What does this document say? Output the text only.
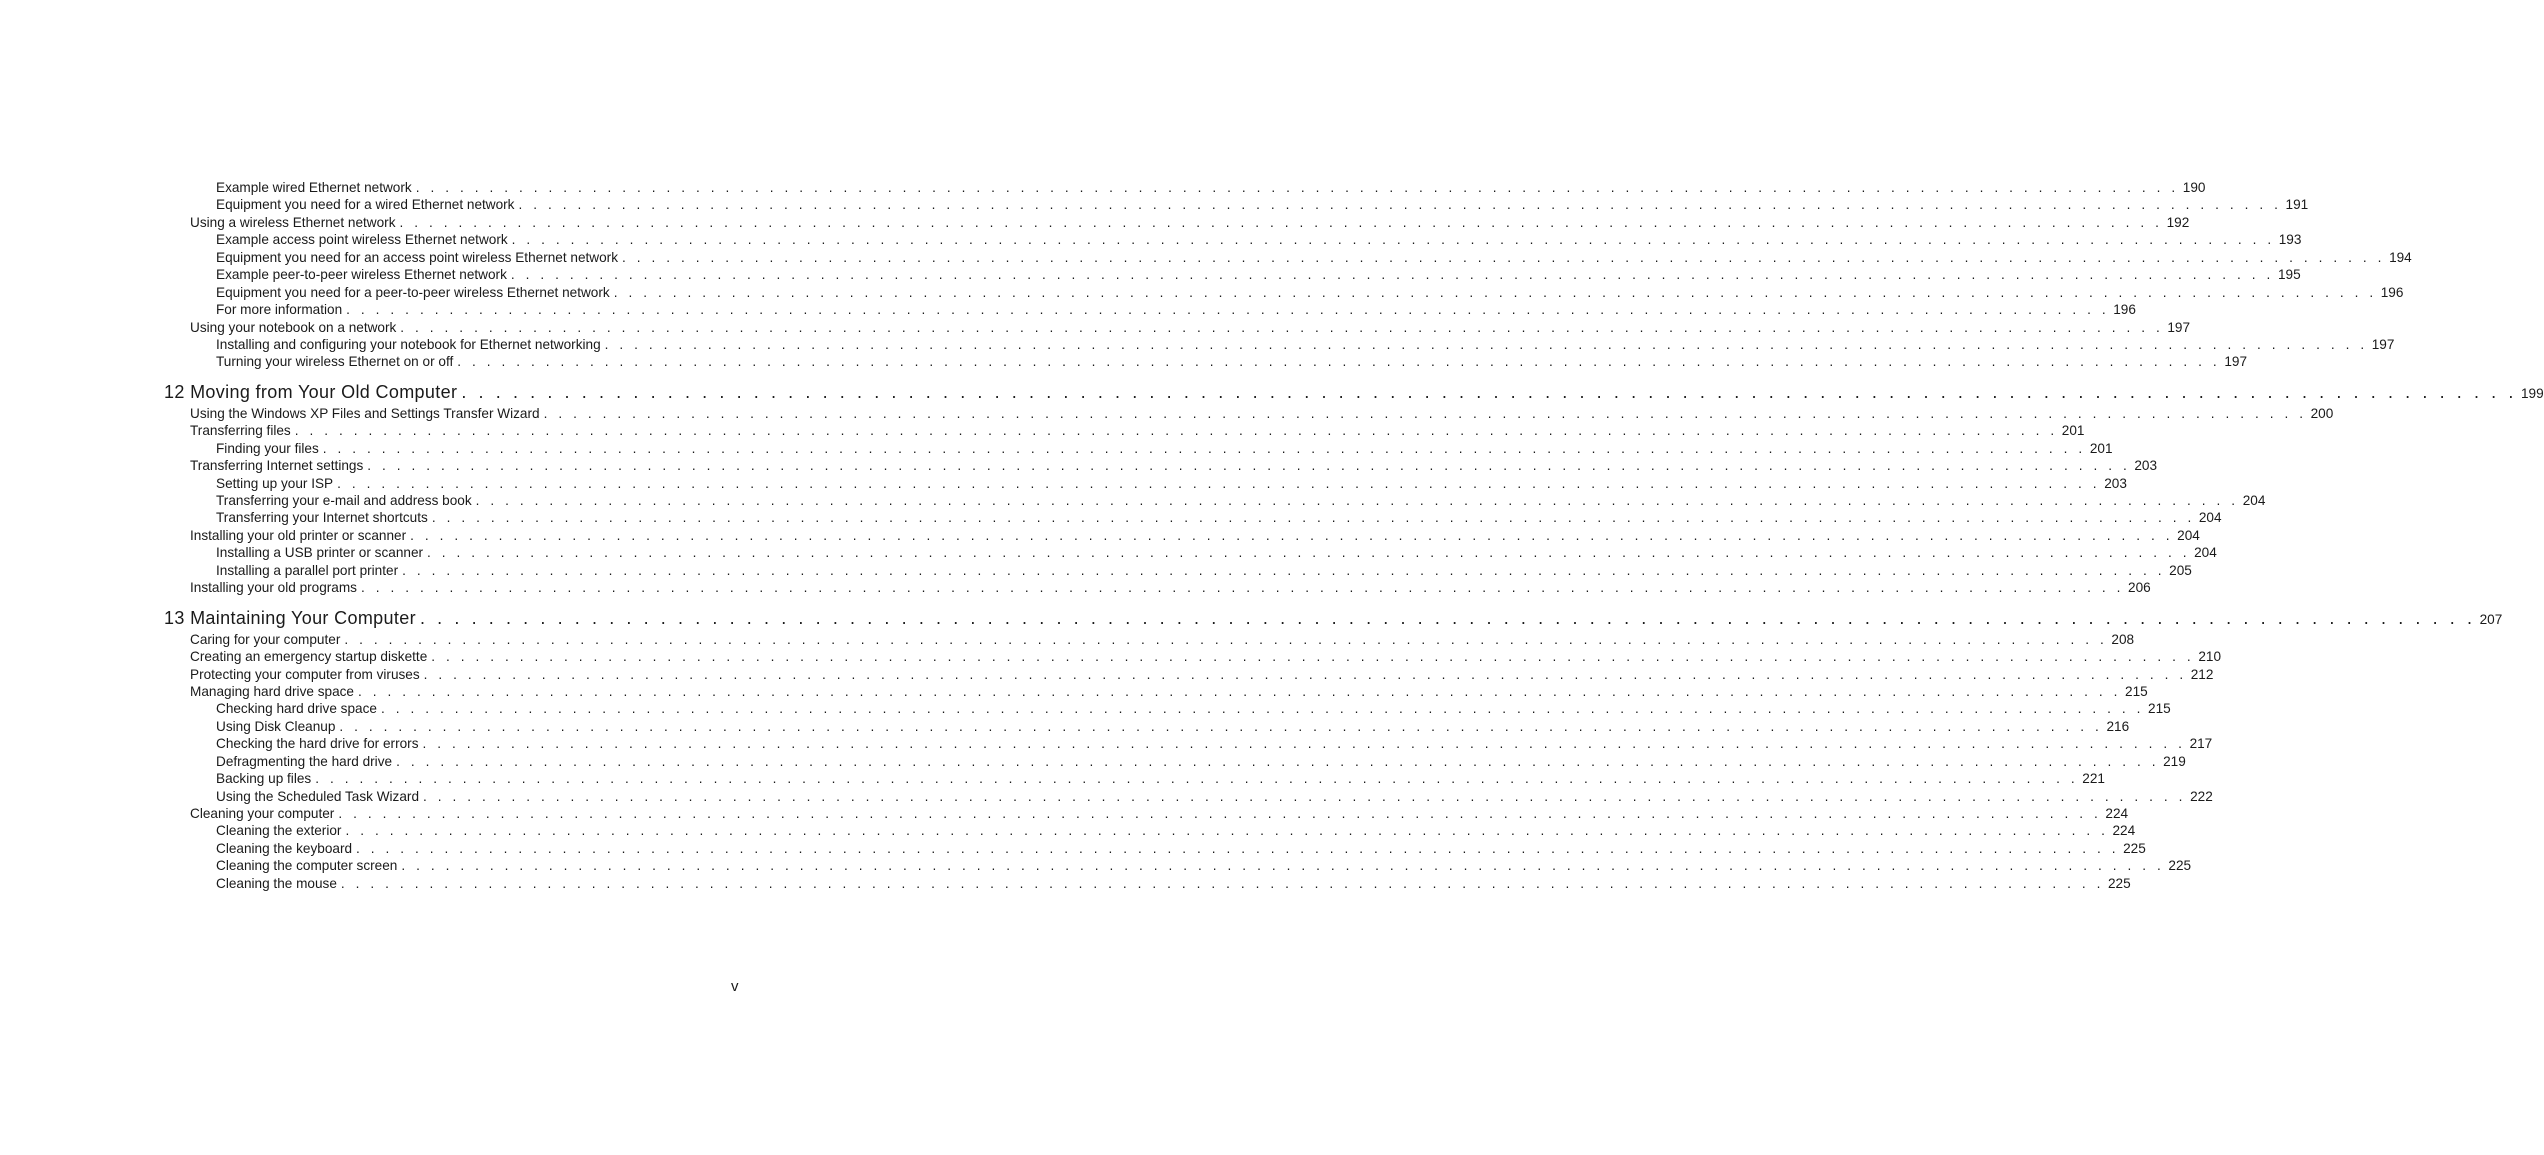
Example wired Ethernet network . . . . . . . . . . . . . . . . . . . . . . . . . . . . . . . . . . . . . . . . . . . . . . . . . . . . . . . . . . . . . . . . . . . . . . . . . . . . . . . . . . . . . . . . . . . . . . . . . . . . . . . . . . . . . . . . . . . . . . . . 190
Equipment you need for a wired Ethernet network . . . . . . . . . . . . . . . . . . . . . . . . . . . . . . . . . . . . . . . . . . . . . . . . . . . . . . . . . . . . . . . . . . . . . . . . . . . . . . . . . . . . . . . . . . . . . . . . . . . . . . . . . . . . . . . . . . . . . . . . 191
Using a wireless Ethernet network . . . . . . . . . . . . . . . . . . . . . . . . . . . . . . . . . . . . . . . . . . . . . . . . . . . . . . . . . . . . . . . . . . . . . . . . . . . . . . . . . . . . . . . . . . . . . . . . . . . . . . . . . . . . . . . . . . . . . . . . 192
Example access point wireless Ethernet network . . . . . . . . . . . . . . . . . . . . . . . . . . . . . . . . . . . . . . . . . . . . . . . . . . . . . . . . . . . . . . . . . . . . . . . . . . . . . . . . . . . . . . . . . . . . . . . . . . . . . . . . . . . . . . . . . . . . . . . . 193
Equipment you need for an access point wireless Ethernet network . . . . . . . . . . . . . . . . . . . . . . . . . . . . . . . . . . . . . . . . . . . . . . . . . . . . . . . . . . . . . . . . . . . . . . . . . . . . . . . . . . . . . . . . . . . . . . . . . . . . . . . . . . . . . . . . . . . . . . . . 194
Example peer-to-peer wireless Ethernet network . . . . . . . . . . . . . . . . . . . . . . . . . . . . . . . . . . . . . . . . . . . . . . . . . . . . . . . . . . . . . . . . . . . . . . . . . . . . . . . . . . . . . . . . . . . . . . . . . . . . . . . . . . . . . . . . . . . . . . . . 195
Equipment you need for a peer-to-peer wireless Ethernet network . . . . . . . . . . . . . . . . . . . . . . . . . . . . . . . . . . . . . . . . . . . . . . . . . . . . . . . . . . . . . . . . . . . . . . . . . . . . . . . . . . . . . . . . . . . . . . . . . . . . . . . . . . . . . . . . . . . . . . . . 196
For more information . . . . . . . . . . . . . . . . . . . . . . . . . . . . . . . . . . . . . . . . . . . . . . . . . . . . . . . . . . . . . . . . . . . . . . . . . . . . . . . . . . . . . . . . . . . . . . . . . . . . . . . . . . . . . . . . . . . . . . . . 196
Using your notebook on a network . . . . . . . . . . . . . . . . . . . . . . . . . . . . . . . . . . . . . . . . . . . . . . . . . . . . . . . . . . . . . . . . . . . . . . . . . . . . . . . . . . . . . . . . . . . . . . . . . . . . . . . . . . . . . . . . . . . . . . . . 197
Installing and configuring your notebook for Ethernet networking . . . . . . . . . . . . . . . . . . . . . . . . . . . . . . . . . . . . . . . . . . . . . . . . . . . . . . . . . . . . . . . . . . . . . . . . . . . . . . . . . . . . . . . . . . . . . . . . . . . . . . . . . . . . . . . . . . . . . . . . 197
Turning your wireless Ethernet on or off . . . . . . . . . . . . . . . . . . . . . . . . . . . . . . . . . . . . . . . . . . . . . . . . . . . . . . . . . . . . . . . . . . . . . . . . . . . . . . . . . . . . . . . . . . . . . . . . . . . . . . . . . . . . . . . . . . . . . . . . 197
12 Moving from Your Old Computer . . . . . . . . . . . . . . . . . . . . . . . . . . . . . . . . . . . . . . . . . . . . . . . . . . . . . . . . . . . . . . . . . . . . . . . . . . . . . . . . . . . . . . . . . . . . . . . . . . . . . . . . . . . . . . . . . . . . . . . . 199
Using the Windows XP Files and Settings Transfer Wizard . . . . . . . . . . . . . . . . . . . . . . . . . . . . . . . . . . . . . . . . . . . . . . . . . . . . . . . . . . . . . . . . . . . . . . . . . . . . . . . . . . . . . . . . . . . . . . . . . . . . . . . . . . . . . . . . . . . . . . . . 200
Transferring files . . . . . . . . . . . . . . . . . . . . . . . . . . . . . . . . . . . . . . . . . . . . . . . . . . . . . . . . . . . . . . . . . . . . . . . . . . . . . . . . . . . . . . . . . . . . . . . . . . . . . . . . . . . . . . . . . . . . . . . . 201
Finding your files . . . . . . . . . . . . . . . . . . . . . . . . . . . . . . . . . . . . . . . . . . . . . . . . . . . . . . . . . . . . . . . . . . . . . . . . . . . . . . . . . . . . . . . . . . . . . . . . . . . . . . . . . . . . . . . . . . . . . . . . 201
Transferring Internet settings . . . . . . . . . . . . . . . . . . . . . . . . . . . . . . . . . . . . . . . . . . . . . . . . . . . . . . . . . . . . . . . . . . . . . . . . . . . . . . . . . . . . . . . . . . . . . . . . . . . . . . . . . . . . . . . . . . . . . . . . 203
Setting up your ISP . . . . . . . . . . . . . . . . . . . . . . . . . . . . . . . . . . . . . . . . . . . . . . . . . . . . . . . . . . . . . . . . . . . . . . . . . . . . . . . . . . . . . . . . . . . . . . . . . . . . . . . . . . . . . . . . . . . . . . . . 203
Transferring your e-mail and address book . . . . . . . . . . . . . . . . . . . . . . . . . . . . . . . . . . . . . . . . . . . . . . . . . . . . . . . . . . . . . . . . . . . . . . . . . . . . . . . . . . . . . . . . . . . . . . . . . . . . . . . . . . . . . . . . . . . . . . . . 204
Transferring your Internet shortcuts . . . . . . . . . . . . . . . . . . . . . . . . . . . . . . . . . . . . . . . . . . . . . . . . . . . . . . . . . . . . . . . . . . . . . . . . . . . . . . . . . . . . . . . . . . . . . . . . . . . . . . . . . . . . . . . . . . . . . . . . 204
Installing your old printer or scanner . . . . . . . . . . . . . . . . . . . . . . . . . . . . . . . . . . . . . . . . . . . . . . . . . . . . . . . . . . . . . . . . . . . . . . . . . . . . . . . . . . . . . . . . . . . . . . . . . . . . . . . . . . . . . . . . . . . . . . . . 204
Installing a USB printer or scanner . . . . . . . . . . . . . . . . . . . . . . . . . . . . . . . . . . . . . . . . . . . . . . . . . . . . . . . . . . . . . . . . . . . . . . . . . . . . . . . . . . . . . . . . . . . . . . . . . . . . . . . . . . . . . . . . . . . . . . . . 204
Installing a parallel port printer . . . . . . . . . . . . . . . . . . . . . . . . . . . . . . . . . . . . . . . . . . . . . . . . . . . . . . . . . . . . . . . . . . . . . . . . . . . . . . . . . . . . . . . . . . . . . . . . . . . . . . . . . . . . . . . . . . . . . . . . 205
Installing your old programs . . . . . . . . . . . . . . . . . . . . . . . . . . . . . . . . . . . . . . . . . . . . . . . . . . . . . . . . . . . . . . . . . . . . . . . . . . . . . . . . . . . . . . . . . . . . . . . . . . . . . . . . . . . . . . . . . . . . . . . . 206
13 Maintaining Your Computer . . . . . . . . . . . . . . . . . . . . . . . . . . . . . . . . . . . . . . . . . . . . . . . . . . . . . . . . . . . . . . . . . . . . . . . . . . . . . . . . . . . . . . . . . . . . . . . . . . . . . . . . . . . . . . . . . . . . . . . . 207
Caring for your computer . . . . . . . . . . . . . . . . . . . . . . . . . . . . . . . . . . . . . . . . . . . . . . . . . . . . . . . . . . . . . . . . . . . . . . . . . . . . . . . . . . . . . . . . . . . . . . . . . . . . . . . . . . . . . . . . . . . . . . . . 208
Creating an emergency startup diskette . . . . . . . . . . . . . . . . . . . . . . . . . . . . . . . . . . . . . . . . . . . . . . . . . . . . . . . . . . . . . . . . . . . . . . . . . . . . . . . . . . . . . . . . . . . . . . . . . . . . . . . . . . . . . . . . . . . . . . . . 210
Protecting your computer from viruses . . . . . . . . . . . . . . . . . . . . . . . . . . . . . . . . . . . . . . . . . . . . . . . . . . . . . . . . . . . . . . . . . . . . . . . . . . . . . . . . . . . . . . . . . . . . . . . . . . . . . . . . . . . . . . . . . . . . . . . . 212
Managing hard drive space . . . . . . . . . . . . . . . . . . . . . . . . . . . . . . . . . . . . . . . . . . . . . . . . . . . . . . . . . . . . . . . . . . . . . . . . . . . . . . . . . . . . . . . . . . . . . . . . . . . . . . . . . . . . . . . . . . . . . . . . 215
Checking hard drive space . . . . . . . . . . . . . . . . . . . . . . . . . . . . . . . . . . . . . . . . . . . . . . . . . . . . . . . . . . . . . . . . . . . . . . . . . . . . . . . . . . . . . . . . . . . . . . . . . . . . . . . . . . . . . . . . . . . . . . . . 215
Using Disk Cleanup . . . . . . . . . . . . . . . . . . . . . . . . . . . . . . . . . . . . . . . . . . . . . . . . . . . . . . . . . . . . . . . . . . . . . . . . . . . . . . . . . . . . . . . . . . . . . . . . . . . . . . . . . . . . . . . . . . . . . . . . 216
Checking the hard drive for errors . . . . . . . . . . . . . . . . . . . . . . . . . . . . . . . . . . . . . . . . . . . . . . . . . . . . . . . . . . . . . . . . . . . . . . . . . . . . . . . . . . . . . . . . . . . . . . . . . . . . . . . . . . . . . . . . . . . . . . . . 217
Defragmenting the hard drive . . . . . . . . . . . . . . . . . . . . . . . . . . . . . . . . . . . . . . . . . . . . . . . . . . . . . . . . . . . . . . . . . . . . . . . . . . . . . . . . . . . . . . . . . . . . . . . . . . . . . . . . . . . . . . . . . . . . . . . . 219
Backing up files . . . . . . . . . . . . . . . . . . . . . . . . . . . . . . . . . . . . . . . . . . . . . . . . . . . . . . . . . . . . . . . . . . . . . . . . . . . . . . . . . . . . . . . . . . . . . . . . . . . . . . . . . . . . . . . . . . . . . . . . 221
Using the Scheduled Task Wizard . . . . . . . . . . . . . . . . . . . . . . . . . . . . . . . . . . . . . . . . . . . . . . . . . . . . . . . . . . . . . . . . . . . . . . . . . . . . . . . . . . . . . . . . . . . . . . . . . . . . . . . . . . . . . . . . . . . . . . . . 222
Cleaning your computer . . . . . . . . . . . . . . . . . . . . . . . . . . . . . . . . . . . . . . . . . . . . . . . . . . . . . . . . . . . . . . . . . . . . . . . . . . . . . . . . . . . . . . . . . . . . . . . . . . . . . . . . . . . . . . . . . . . . . . . . 224
Cleaning the exterior . . . . . . . . . . . . . . . . . . . . . . . . . . . . . . . . . . . . . . . . . . . . . . . . . . . . . . . . . . . . . . . . . . . . . . . . . . . . . . . . . . . . . . . . . . . . . . . . . . . . . . . . . . . . . . . . . . . . . . . . 224
Cleaning the keyboard . . . . . . . . . . . . . . . . . . . . . . . . . . . . . . . . . . . . . . . . . . . . . . . . . . . . . . . . . . . . . . . . . . . . . . . . . . . . . . . . . . . . . . . . . . . . . . . . . . . . . . . . . . . . . . . . . . . . . . . . 225
Cleaning the computer screen . . . . . . . . . . . . . . . . . . . . . . . . . . . . . . . . . . . . . . . . . . . . . . . . . . . . . . . . . . . . . . . . . . . . . . . . . . . . . . . . . . . . . . . . . . . . . . . . . . . . . . . . . . . . . . . . . . . . . . . . 225
Cleaning the mouse . . . . . . . . . . . . . . . . . . . . . . . . . . . . . . . . . . . . . . . . . . . . . . . . . . . . . . . . . . . . . . . . . . . . . . . . . . . . . . . . . . . . . . . . . . . . . . . . . . . . . . . . . . . . . . . . . . . . . . . . 225
v
